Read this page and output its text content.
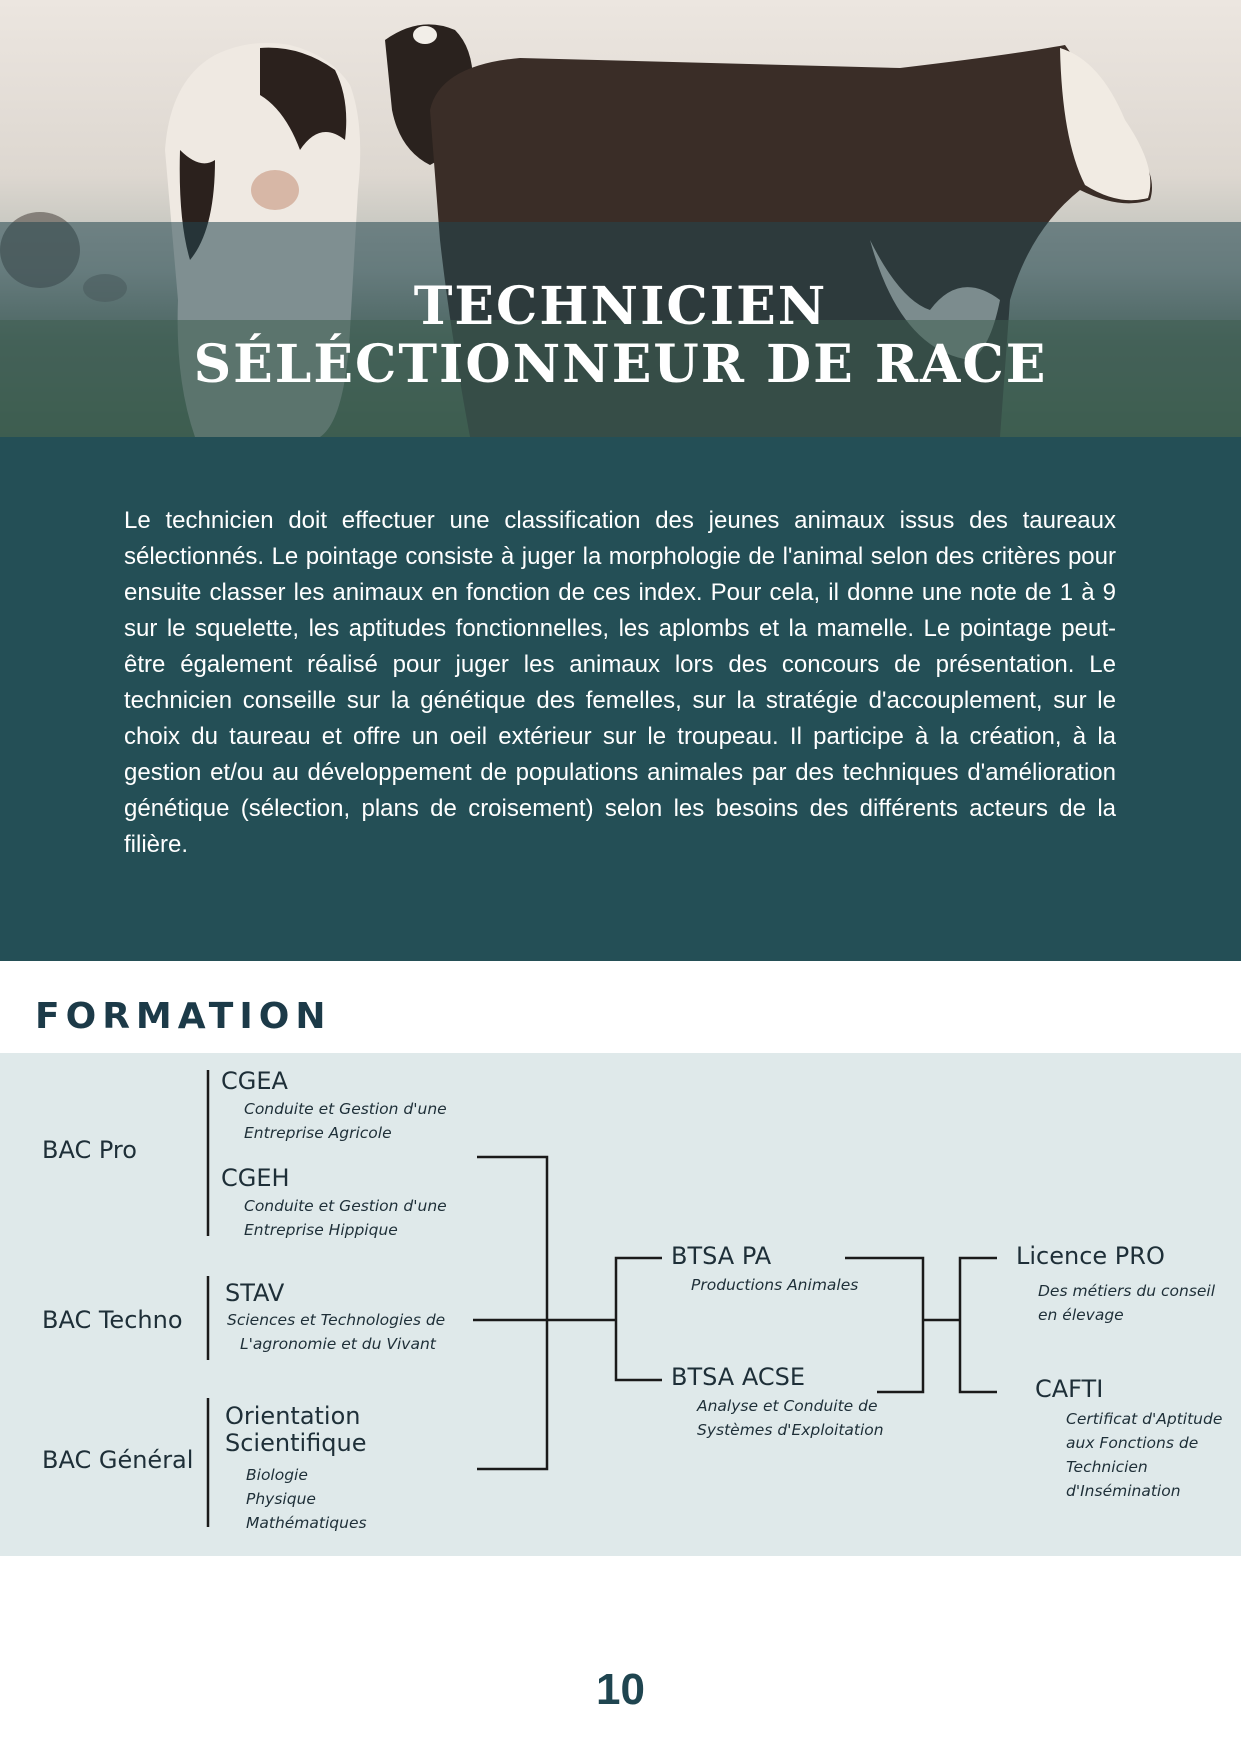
TECHNICIEN
SÉLÉCTIONNEUR DE RACE

Le technicien doit effectuer une classification des jeunes animaux issus des taureaux sélectionnés. Le pointage consiste à juger la morphologie de l'animal selon des critères pour ensuite classer les animaux en fonction de ces index. Pour cela, il donne une note de 1 à 9 sur le squelette, les aptitudes fonctionnelles, les aplombs et la mamelle. Le pointage peut-être également réalisé pour juger les animaux lors des concours de présentation. Le technicien conseille sur la génétique des femelles, sur la stratégie d'accouplement, sur le choix du taureau et offre un oeil extérieur sur le troupeau. Il participe à la création, à la gestion et/ou au développement de populations animales par des techniques d'amélioration génétique (sélection, plans de croisement) selon les besoins des différents acteurs de la filière.

FORMATION
BAC Pro
BAC Techno
BAC Général
CGEA
Conduite et Gestion d'une
Entreprise Agricole
CGEH
Conduite et Gestion d'une
Entreprise Hippique
STAV
Sciences et Technologies de
L'agronomie et du Vivant
Orientation
Scientifique
Biologie
Physique
Mathématiques
BTSA PA
Productions Animales
BTSA ACSE
Analyse et Conduite de
Systèmes d'Exploitation
Licence PRO
Des métiers du conseil
en élevage
CAFTI
Certificat d'Aptitude
aux Fonctions de
Technicien
d'Insémination
10
